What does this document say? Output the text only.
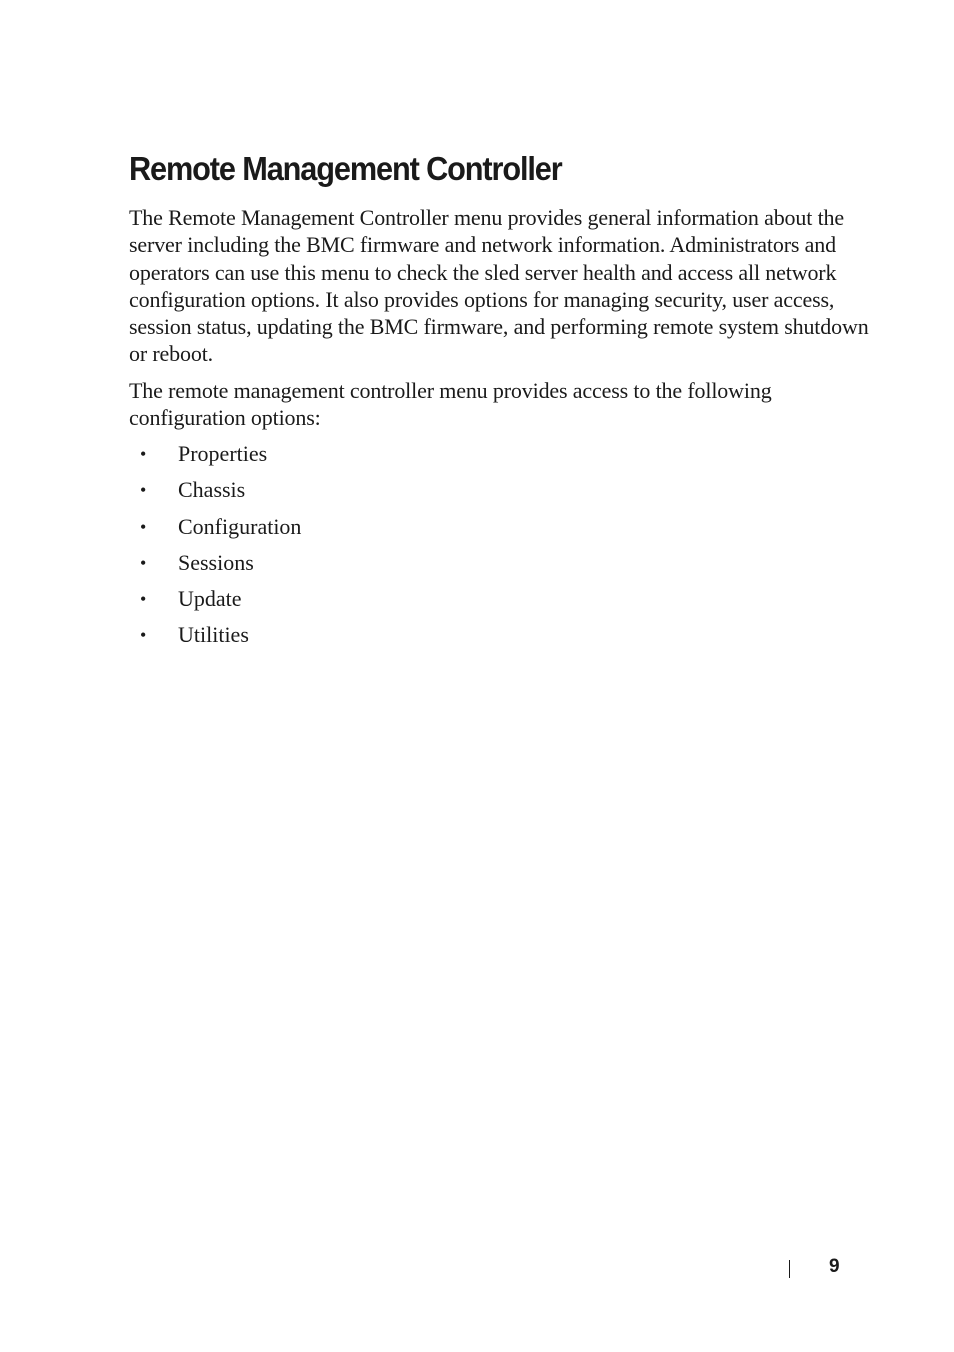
Remote Management Controller

The Remote Management Controller menu provides general information about the server including the BMC firmware and network information. Administrators and operators can use this menu to check the sled server health and access all network configuration options. It also provides options for managing security, user access, session status, updating the BMC firmware, and performing remote system shutdown or reboot.

The remote management controller menu provides access to the following configuration options:

• Properties
• Chassis
• Configuration
• Sessions
• Update
• Utilities
9
